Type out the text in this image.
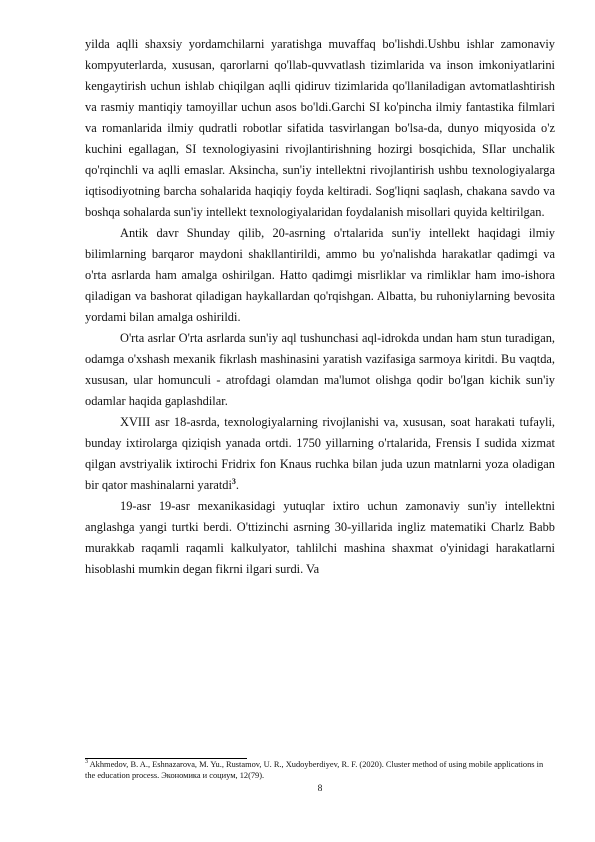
yilda aqlli shaxsiy yordamchilarni yaratishga muvaffaq bo'lishdi.Ushbu ishlar zamonaviy kompyuterlarda, xususan, qarorlarni qo'llab-quvvatlash tizimlarida va inson imkoniyatlarini kengaytirish uchun ishlab chiqilgan aqlli qidiruv tizimlarida qo'llaniladigan avtomatlashtirish va rasmiy mantiqiy tamoyillar uchun asos bo'ldi.Garchi SI ko'pincha ilmiy fantastika filmlari va romanlarida ilmiy qudratli robotlar sifatida tasvirlangan bo'lsa-da, dunyo miqyosida o'z kuchini egallagan, SI texnologiyasini rivojlantirishning hozirgi bosqichida, SIlar unchalik qo'rqinchli va aqlli emaslar. Aksincha, sun'iy intellektni rivojlantirish ushbu texnologiyalarga iqtisodiyotning barcha sohalarida haqiqiy foyda keltiradi. Sog'liqni saqlash, chakana savdo va boshqa sohalarda sun'iy intellekt texnologiyalaridan foydalanish misollari quyida keltirilgan.

Antik davr Shunday qilib, 20-asrning o'rtalarida sun'iy intellekt haqidagi ilmiy bilimlarning barqaror maydoni shakllantirildi, ammo bu yo'nalishda harakatlar qadimgi va o'rta asrlarda ham amalga oshirilgan. Hatto qadimgi misrliklar va rimliklar ham imo-ishora qiladigan va bashorat qiladigan haykallardan qo'rqishgan. Albatta, bu ruhoniylarning bevosita yordami bilan amalga oshirildi.

O'rta asrlar O'rta asrlarda sun'iy aql tushunchasi aql-idrokda undan ham stun turadigan, odamga o'xshash mexanik fikrlash mashinasini yaratish vazifasiga sarmoya kiritdi. Bu vaqtda, xususan, ular homunculi - atrofdagi olamdan ma'lumot olishga qodir bo'lgan kichik sun'iy odamlar haqida gaplashdilar.

XVIII asr 18-asrda, texnologiyalarning rivojlanishi va, xususan, soat harakati tufayli, bunday ixtirolarga qiziqish yanada ortdi. 1750 yillarning o'rtalarida, Frensis I sudida xizmat qilgan avstriyalik ixtirochi Fridrix fon Knaus ruchka bilan juda uzun matnlarni yoza oladigan bir qator mashinalarni yaratdi$^3$.

19-asr 19-asr mexanikasidagi yutuqlar ixtiro uchun zamonaviy sun'iy intellektni anglashga yangi turtki berdi. O'ttizinchi asrning 30-yillarida ingliz matematiki Charlz Babb murakkab raqamli raqamli kalkulyator, tahlilchi mashina shaxmat o'yinidagi harakatlarni hisoblashi mumkin degan fikrni ilgari surdi. Va

$^3$ Akhmedov, B. A., Eshnazarova, M. Yu., Rustamov, U. R., Xudoyberdiyev, R. F. (2020). Cluster method of using mobile applications in the education process. Экономика и социум, 12(79).
8
